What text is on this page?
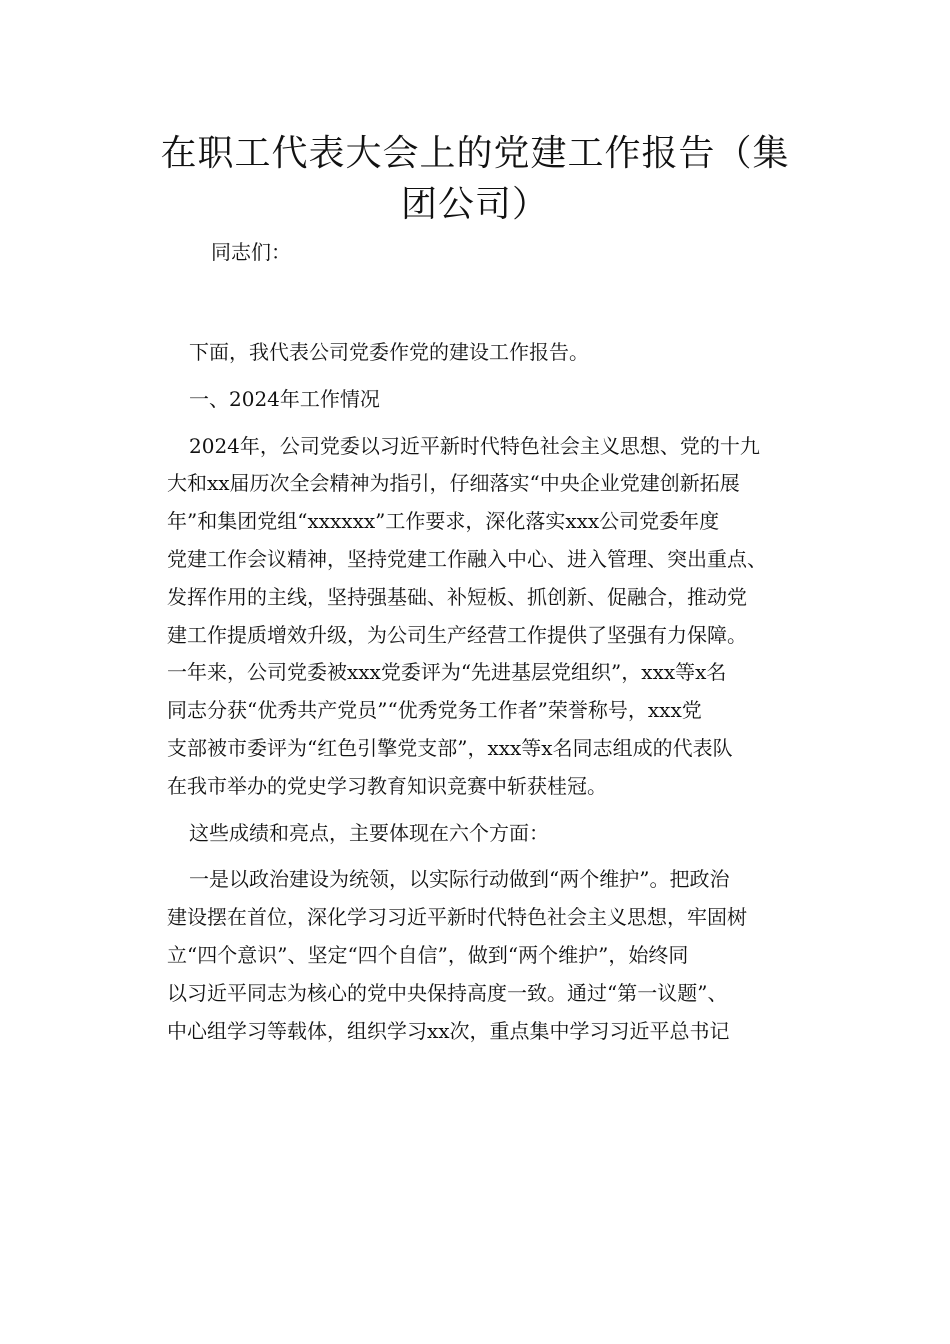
在职工代表大会上的党建工作报告（集
团公司）
同志们：
下面，我代表公司党委作党的建设工作报告。
一、2024年工作情况
2024年，公司党委以习近平新时代特色社会主义思想、党的十九
大和xx届历次全会精神为指引，仔细落实“中央企业党建创新拓展
年”和集团党组“xxxxxx”工作要求，深化落实xxx公司党委年度
党建工作会议精神，坚持党建工作融入中心、进入管理、突出重点、
发挥作用的主线，坚持强基础、补短板、抓创新、促融合，推动党
建工作提质增效升级，为公司生产经营工作提供了坚强有力保障。
一年来，公司党委被xxx党委评为“先进基层党组织”，xxx等x名
同志分获“优秀共产党员”“优秀党务工作者”荣誉称号，xxx党
支部被市委评为“红色引擎党支部”，xxx等x名同志组成的代表队
在我市举办的党史学习教育知识竞赛中斩获桂冠。
这些成绩和亮点，主要体现在六个方面：
一是以政治建设为统领，以实际行动做到“两个维护”。把政治
建设摆在首位，深化学习习近平新时代特色社会主义思想，牢固树
立“四个意识”、坚定“四个自信”，做到“两个维护”，始终同
以习近平同志为核心的党中央保持高度一致。通过“第一议题”、
中心组学习等载体，组织学习xx次，重点集中学习习近平总书记
